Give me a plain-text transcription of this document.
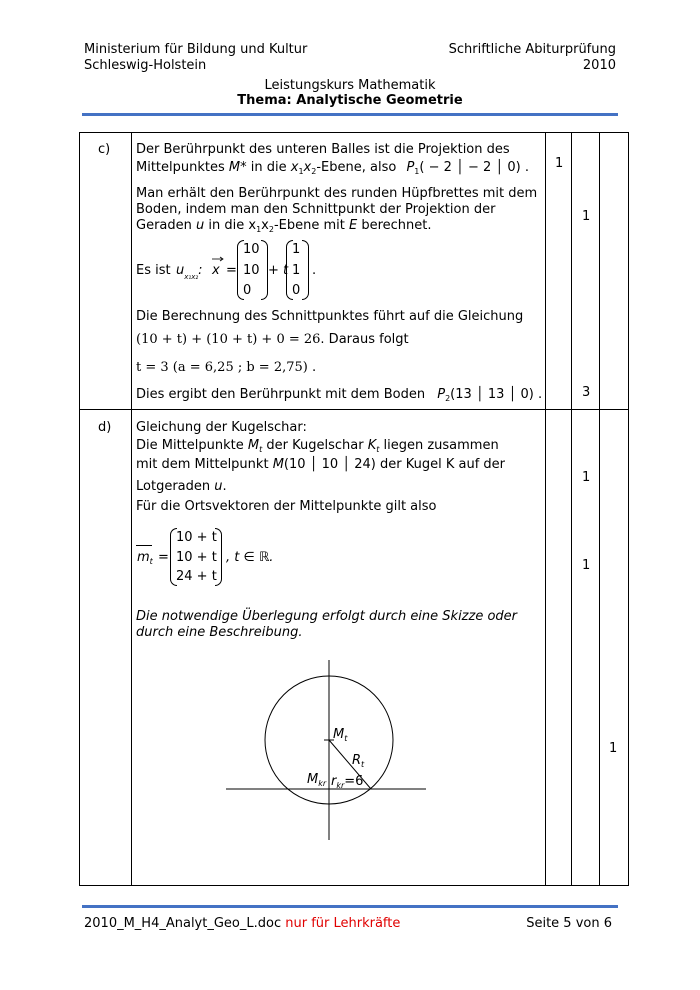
Ministerium für Bildung und Kultur
Schleswig-Holstein
Schriftliche Abiturprüfung
2010
Leistungskurs Mathematik
Thema: Analytische Geometrie
c) Der Berührpunkt des unteren Balles ist die Projektion des
Mittelpunktes M* in die $x_1x_2$-Ebene, also $P_1( - 2$ │ − 2 │ 0) .
Man erhält den Berührpunkt des runden Hüpfbrettes mit dem
Boden, indem man den Schnittpunkt der Projektion der
Geraden u in die $x_1x_2$-Ebene mit E berechnet.
Es ist $u_{x_1x_2}$: x =
10
10
0
+ t
1
1
0
.
Die Berechnung des Schnittpunktes führt auf die Gleichung
(10 + t) + (10 + t) + 0 = 26. Daraus folgt
t = 3 (a = 6,25 ; b = 2,75) .
Dies ergibt den Berührpunkt mit dem Boden $P_2(13$ │ 13 │ 0) .
1
1
3
d) Gleichung der Kugelschar:
Die Mittelpunkte $M_t$ der Kugelschar $K_t$ liegen zusammen
mit dem Mittelpunkt M(10 │ 10 │ 24) der Kugel K auf der
Lotgeraden u.
Für die Ortsvektoren der Mittelpunkte gilt also
$m_t$ =
10 + t
10 + t
24 + t
, t ∈ ℝ.
Die notwendige Überlegung erfolgt durch eine Skizze oder
durch eine Beschreibung.
$M_t$
$R_t$
$M_{kr}$ $r_{kr}=6$
1
1
1
2010_M_H4_Analyt_Geo_L.doc nur für Lehrkräfte	Seite 5 von 6
